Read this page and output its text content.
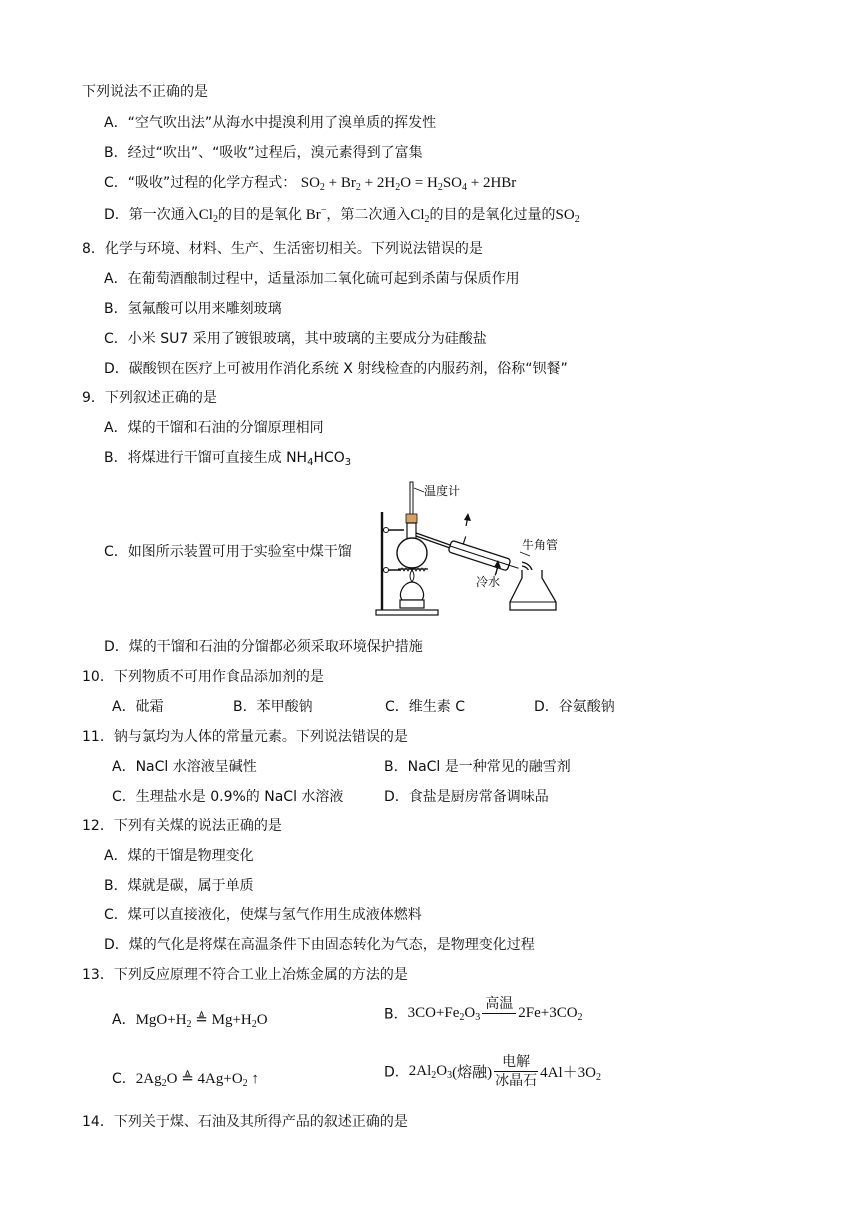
下列说法不正确的是
A．“空气吹出法”从海水中提溴利用了溴单质的挥发性
B．经过“吹出”、“吸收”过程后，溴元素得到了富集
C．“吸收”过程的化学方程式： $SO_2 + Br_2 + 2H_2O = H_2SO_4 + 2HBr$
D．第一次通入$Cl_2$的目的是氧化 Br−，第二次通入$Cl_2$的目的是氧化过量的$SO_2$
8．化学与环境、材料、生产、生活密切相关。下列说法错误的是
A．在葡萄酒酿制过程中，适量添加二氧化硫可起到杀菌与保质作用
B．氢氟酸可以用来雕刻玻璃
C．小米 SU7 采用了镀银玻璃，其中玻璃的主要成分为硅酸盐
D．碳酸钡在医疗上可被用作消化系统 X 射线检查的内服药剂，俗称“钡餐”
9．下列叙述正确的是
A．煤的干馏和石油的分馏原理相同
B．将煤进行干馏可直接生成 $NH_4HCO_3$
C．如图所示装置可用于实验室中煤干馏
温度计
牛角管
冷水
D．煤的干馏和石油的分馏都必须采取环境保护措施
10．下列物质不可用作食品添加剂的是
A．砒霜	B．苯甲酸钠	C．维生素 C	D．谷氨酸钠
11．钠与氯均为人体的常量元素。下列说法错误的是
A．NaCl 水溶液呈碱性	B．NaCl 是一种常见的融雪剂
C．生理盐水是 0.9%的 NaCl 水溶液	D．食盐是厨房常备调味品
12．下列有关煤的说法正确的是
A．煤的干馏是物理变化
B．煤就是碳，属于单质
C．煤可以直接液化，使煤与氢气作用生成液体燃料
D．煤的气化是将煤在高温条件下由固态转化为气态，是物理变化过程
13．下列反应原理不符合工业上冶炼金属的方法的是
A．$MgO+H_2$ ≜ $Mg+H_2O$	B．$3CO+Fe_2O_3$
高温
$2Fe+3CO_2$
C．$2Ag_2O$ ≜ $4Ag+O_2$ ↑	D．$2Al_2O_3$(熔融) $\frac{\text{电解}}{\text{冰晶石}} 4Al+3O_2$
14．下列关于煤、石油及其所得产品的叙述正确的是
